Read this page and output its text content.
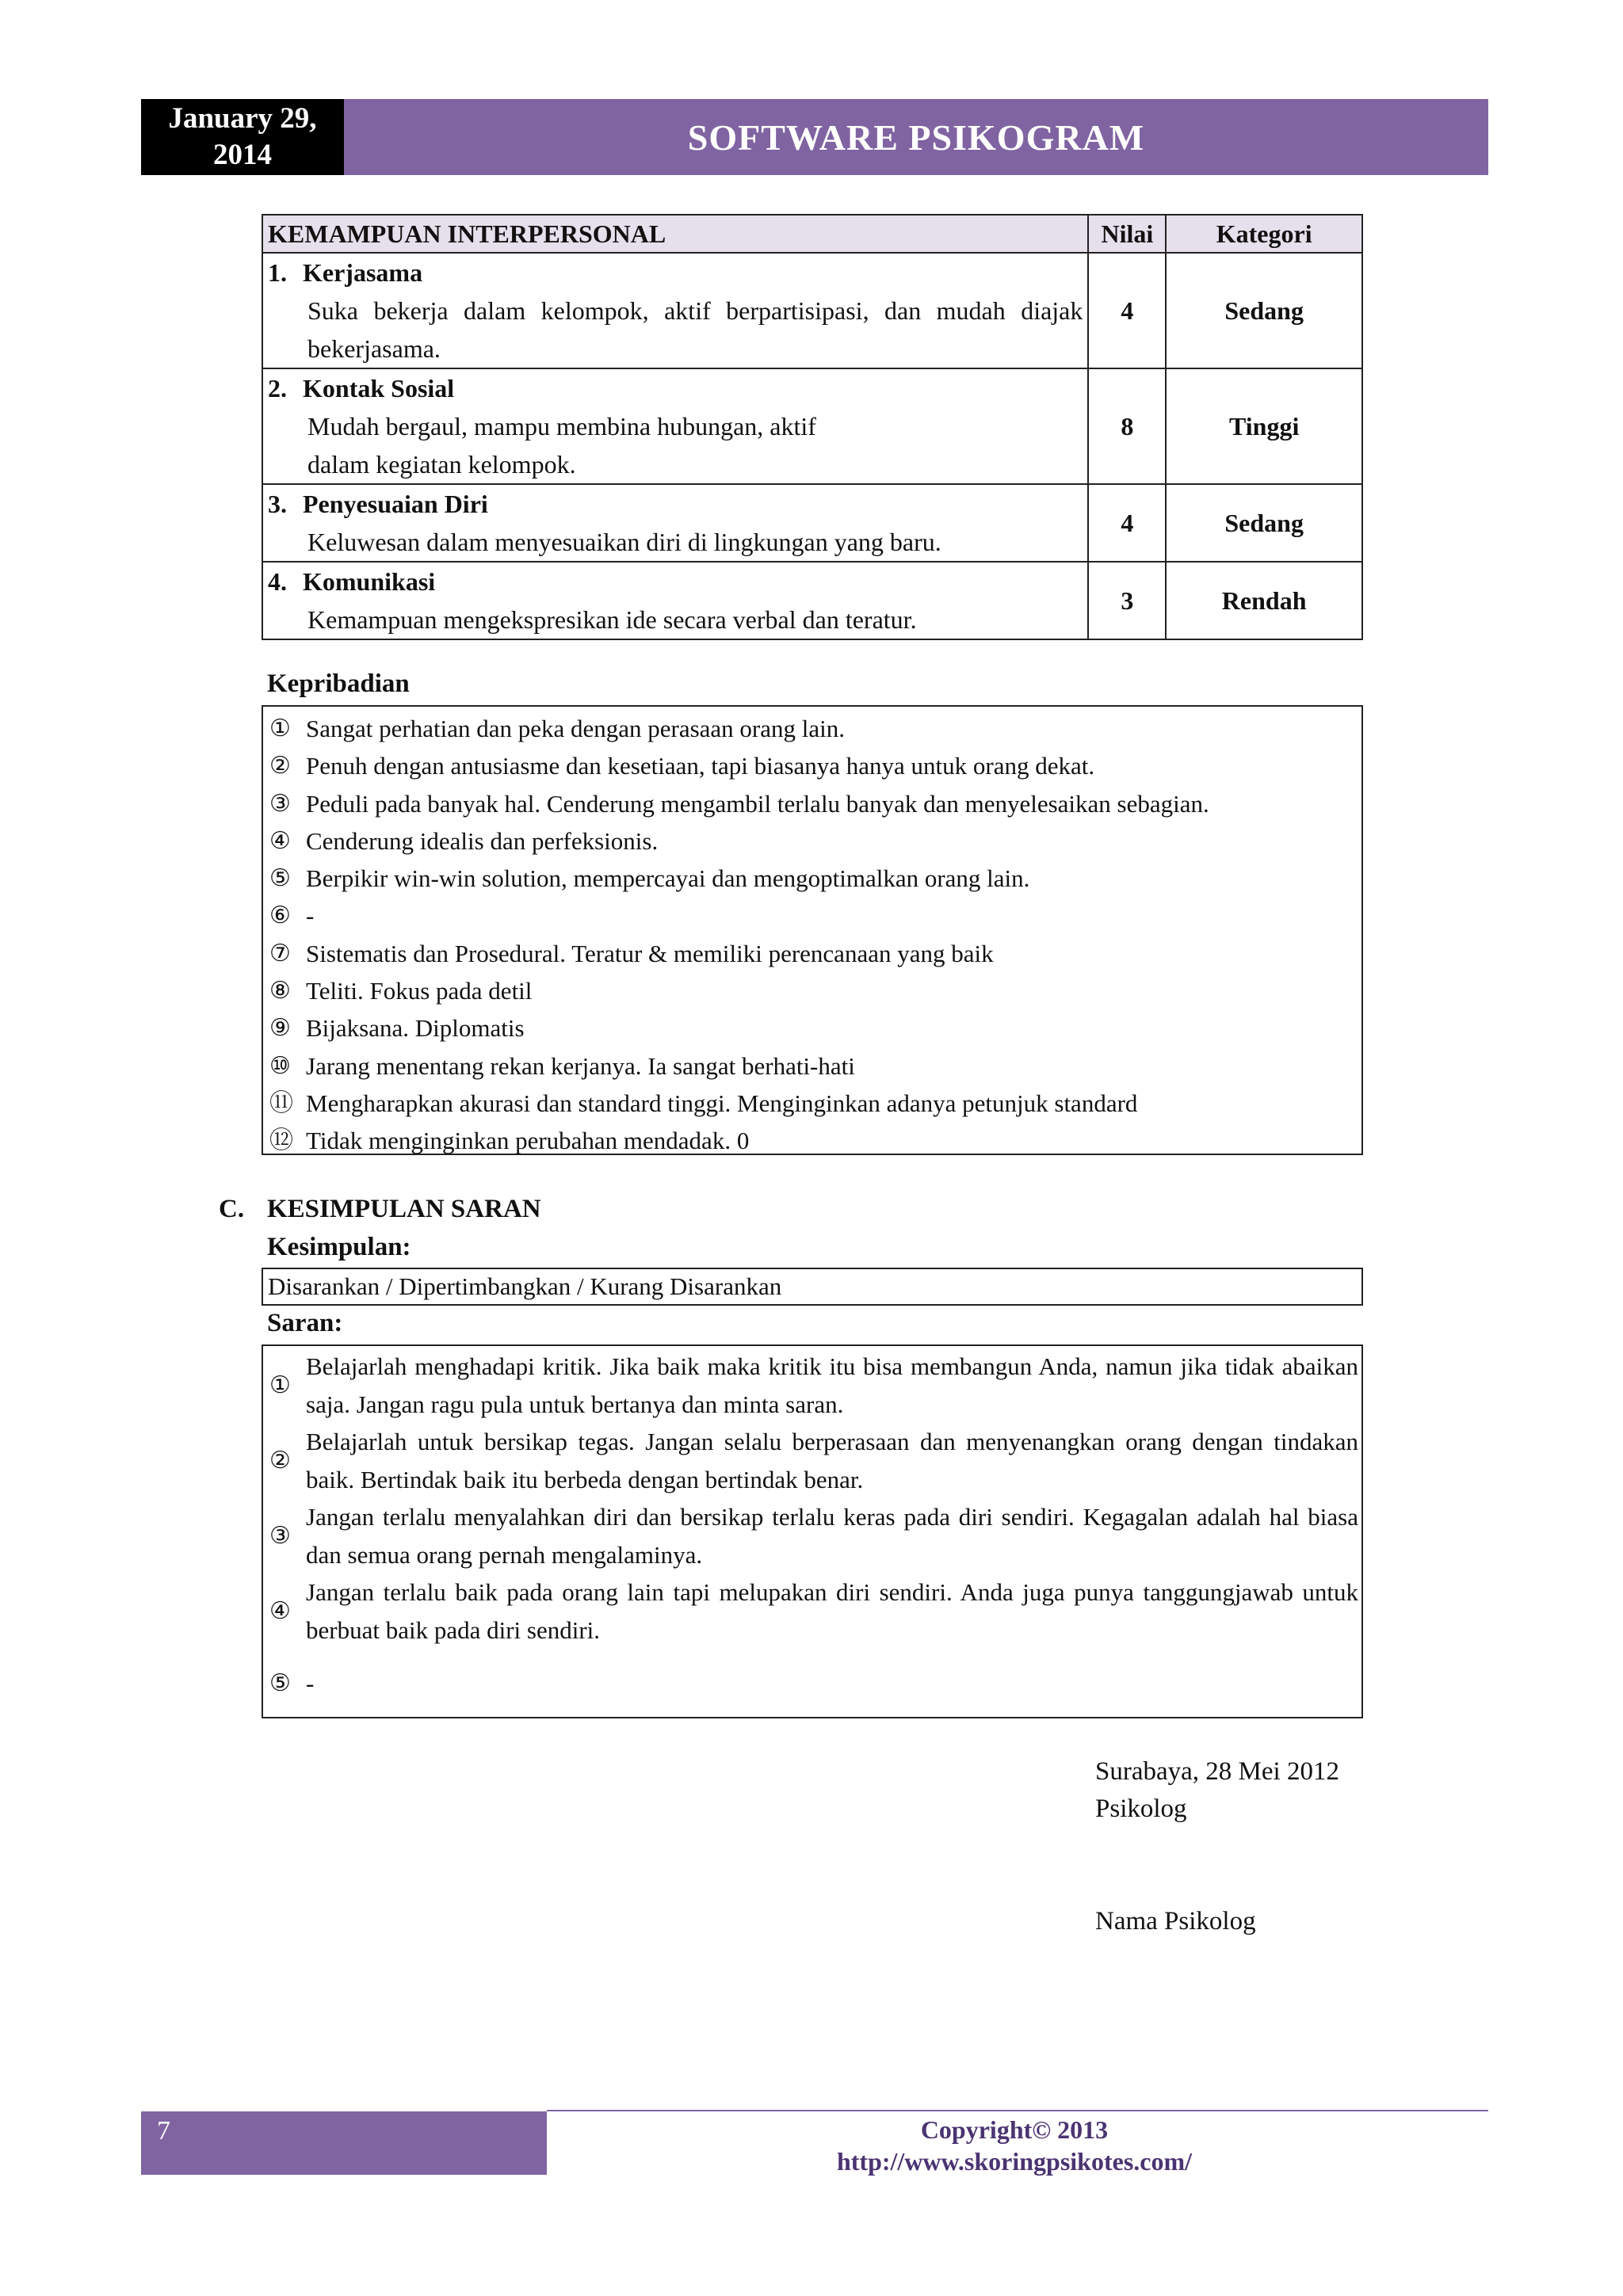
January 29,
2014	SOFTWARE PSIKOGRAM
KEMAMPUAN INTERPERSONAL	Nilai	Kategori

1. Kerjasama
Suka bekerja dalam kelompok, aktif berpartisipasi, dan mudah diajak bekerjasama.	4	Sedang

2. Kontak Sosial
Mudah bergaul, mampu membina hubungan, aktif dalam kegiatan kelompok.	8	Tinggi

3. Penyesuaian Diri
Keluwesan dalam menyesuaikan diri di lingkungan yang baru.	4	Sedang

4. Komunikasi
Kemampuan mengekspresikan ide secara verbal dan teratur.	3	Rendah
Kepribadian
① Sangat perhatian dan peka dengan perasaan orang lain.
② Penuh dengan antusiasme dan kesetiaan, tapi biasanya hanya untuk orang dekat.
③ Peduli pada banyak hal. Cenderung mengambil terlalu banyak dan menyelesaikan sebagian.
④ Cenderung idealis dan perfeksionis.
⑤ Berpikir win-win solution, mempercayai dan mengoptimalkan orang lain.
⑥ -
⑦ Sistematis dan Prosedural. Teratur & memiliki perencanaan yang baik
⑧ Teliti. Fokus pada detil
⑨ Bijaksana. Diplomatis
⑩ Jarang menentang rekan kerjanya. Ia sangat berhati-hati
⑪ Mengharapkan akurasi dan standard tinggi. Menginginkan adanya petunjuk standard
⑫ Tidak menginginkan perubahan mendadak. 0
C. KESIMPULAN SARAN
Kesimpulan:
Disarankan / Dipertimbangkan / Kurang Disarankan
Saran:
①
Belajarlah menghadapi kritik. Jika baik maka kritik itu bisa membangun Anda, namun jika tidak abaikan saja. Jangan ragu pula untuk bertanya dan minta saran.
②
Belajarlah untuk bersikap tegas. Jangan selalu berperasaan dan menyenangkan orang dengan tindakan baik. Bertindak baik itu berbeda dengan bertindak benar.
③
Jangan terlalu menyalahkan diri dan bersikap terlalu keras pada diri sendiri. Kegagalan adalah hal biasa dan semua orang pernah mengalaminya.
④
Jangan terlalu baik pada orang lain tapi melupakan diri sendiri. Anda juga punya tanggungjawab untuk berbuat baik pada diri sendiri.
⑤ -
Surabaya, 28 Mei 2012
Psikolog
Nama Psikolog
7	Copyright© 2013
http://www.skoringpsikotes.com/
